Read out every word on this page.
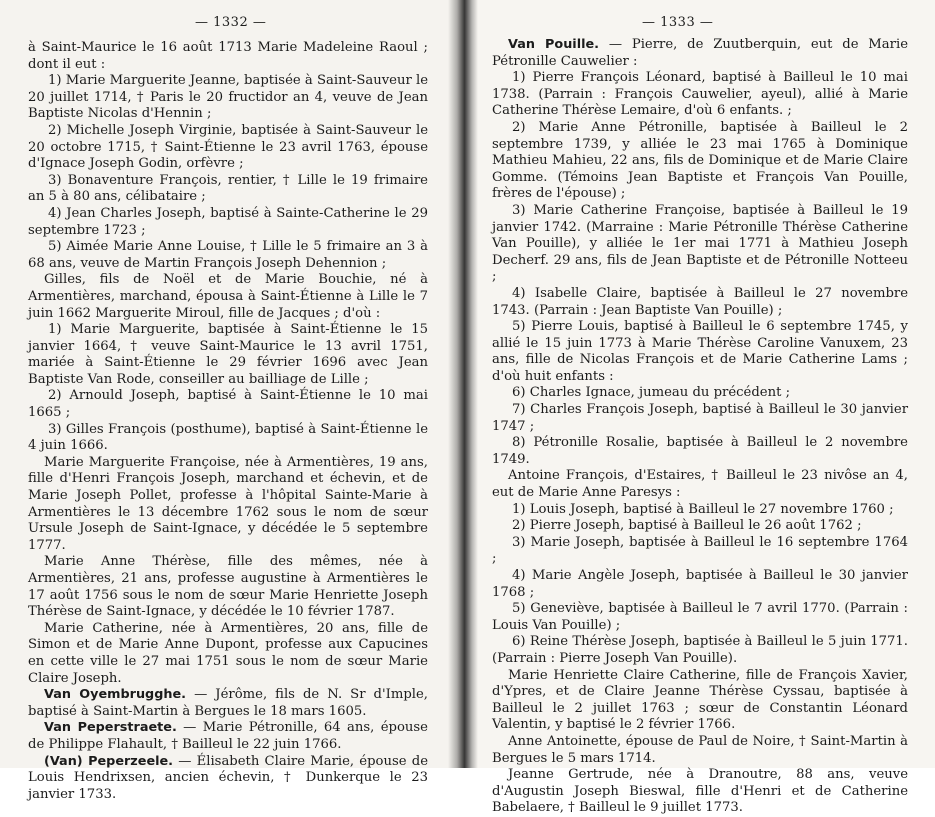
— 1332 —

à Saint-Maurice le 16 août 1713 Marie Madeleine Raoul ; dont il eut :

1) Marie Marguerite Jeanne, baptisée à Saint-Sauveur le 20 juillet 1714, † Paris le 20 fructidor an 4, veuve de Jean Baptiste Nicolas d'Hennin ;

2) Michelle Joseph Virginie, baptisée à Saint-Sauveur le 20 octobre 1715, † Saint-Étienne le 23 avril 1763, épouse d'Ignace Joseph Godin, orfèvre ;

3) Bonaventure François, rentier, † Lille le 19 frimaire an 5 à 80 ans, célibataire ;

4) Jean Charles Joseph, baptisé à Sainte-Catherine le 29 septembre 1723 ;

5) Aimée Marie Anne Louise, † Lille le 5 frimaire an 3 à 68 ans, veuve de Martin François Joseph Dehennion ;

Gilles, fils de Noël et de Marie Bouchie, né à Armentières, marchand, épousa à Saint-Étienne à Lille le 7 juin 1662 Marguerite Miroul, fille de Jacques ; d'où :

1) Marie Marguerite, baptisée à Saint-Étienne le 15 janvier 1664, † veuve Saint-Maurice le 13 avril 1751, mariée à Saint-Étienne le 29 février 1696 avec Jean Baptiste Van Rode, conseiller au bailliage de Lille ;

2) Arnould Joseph, baptisé à Saint-Étienne le 10 mai 1665 ;

3) Gilles François (posthume), baptisé à Saint-Étienne le 4 juin 1666.

Marie Marguerite Françoise, née à Armentières, 19 ans, fille d'Henri François Joseph, marchand et échevin, et de Marie Joseph Pollet, professe à l'hôpital Sainte-Marie à Armentières le 13 décembre 1762 sous le nom de sœur Ursule Joseph de Saint-Ignace, y décédée le 5 septembre 1777.

Marie Anne Thérèse, fille des mêmes, née à Armentières, 21 ans, professe augustine à Armentières le 17 août 1756 sous le nom de sœur Marie Henriette Joseph Thérèse de Saint-Ignace, y décédée le 10 février 1787.

Marie Catherine, née à Armentières, 20 ans, fille de Simon et de Marie Anne Dupont, professe aux Capucines en cette ville le 27 mai 1751 sous le nom de sœur Marie Claire Joseph.

Van Oyembrugghe. — Jérôme, fils de N. Sr d'Imple, baptisé à Saint-Martin à Bergues le 18 mars 1605.

Van Peperstraete. — Marie Pétronille, 64 ans, épouse de Philippe Flahault, † Bailleul le 22 juin 1766.

(Van) Peperzeele. — Élisabeth Claire Marie, épouse de Louis Hendrixsen, ancien échevin, † Dunkerque le 23 janvier 1733.

— 1333 —

Van Pouille. — Pierre, de Zuutberquin, eut de Marie Pétronille Cauwelier :

1) Pierre François Léonard, baptisé à Bailleul le 10 mai 1738. (Parrain : François Cauwelier, ayeul), allié à Marie Catherine Thérèse Lemaire, d'où 6 enfants. ;

2) Marie Anne Pétronille, baptisée à Bailleul le 2 septembre 1739, y alliée le 23 mai 1765 à Dominique Mathieu Mahieu, 22 ans, fils de Dominique et de Marie Claire Gomme. (Témoins Jean Baptiste et François Van Pouille, frères de l'épouse) ;

3) Marie Catherine Françoise, baptisée à Bailleul le 19 janvier 1742. (Marraine : Marie Pétronille Thérèse Catherine Van Pouille), y alliée le 1er mai 1771 à Mathieu Joseph Decherf. 29 ans, fils de Jean Baptiste et de Pétronille Notteeu ;

4) Isabelle Claire, baptisée à Bailleul le 27 novembre 1743. (Parrain : Jean Baptiste Van Pouille) ;

5) Pierre Louis, baptisé à Bailleul le 6 septembre 1745, y allié le 15 juin 1773 à Marie Thérèse Caroline Vanuxem, 23 ans, fille de Nicolas François et de Marie Catherine Lams ; d'où huit enfants :

6) Charles Ignace, jumeau du précédent ;

7) Charles François Joseph, baptisé à Bailleul le 30 janvier 1747 ;

8) Pétronille Rosalie, baptisée à Bailleul le 2 novembre 1749.

Antoine François, d'Estaires, † Bailleul le 23 nivôse an 4, eut de Marie Anne Paresys :

1) Louis Joseph, baptisé à Bailleul le 27 novembre 1760 ;

2) Pierre Joseph, baptisé à Bailleul le 26 août 1762 ;

3) Marie Joseph, baptisée à Bailleul le 16 septembre 1764 ;

4) Marie Angèle Joseph, baptisée à Bailleul le 30 janvier 1768 ;

5) Geneviève, baptisée à Bailleul le 7 avril 1770. (Parrain : Louis Van Pouille) ;

6) Reine Thérèse Joseph, baptisée à Bailleul le 5 juin 1771. (Parrain : Pierre Joseph Van Pouille).

Marie Henriette Claire Catherine, fille de François Xavier, d'Ypres, et de Claire Jeanne Thérèse Cyssau, baptisée à Bailleul le 2 juillet 1763 ; sœur de Constantin Léonard Valentin, y baptisé le 2 février 1766.

Anne Antoinette, épouse de Paul de Noire, † Saint-Martin à Bergues le 5 mars 1714.

Jeanne Gertrude, née à Dranoutre, 88 ans, veuve d'Augustin Joseph Bieswal, fille d'Henri et de Catherine Babelaere, † Bailleul le 9 juillet 1773.
